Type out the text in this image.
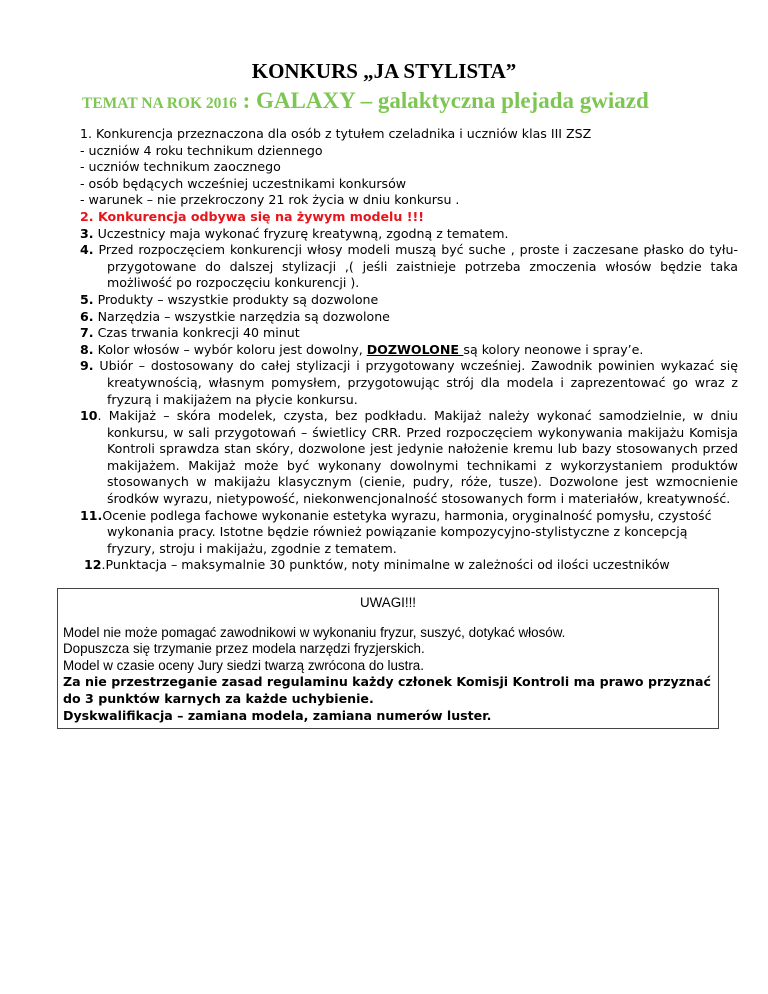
KONKURS „JA STYLISTA”
TEMAT NA ROK 2016 : GALAXY – galaktyczna plejada gwiazd
1. Konkurencja przeznaczona dla osób z tytułem czeladnika i uczniów klas III ZSZ
- uczniów 4 roku technikum dziennego
- uczniów technikum zaocznego
- osób będących wcześniej uczestnikami konkursów
- warunek – nie przekroczony 21 rok życia w dniu konkursu .
2. Konkurencja odbywa się na żywym modelu !!!
3. Uczestnicy maja wykonać fryzurę kreatywną, zgodną z tematem.
4. Przed rozpoczęciem konkurencji włosy modeli muszą być suche , proste i zaczesane płasko do tyłu- przygotowane do dalszej stylizacji ,( jeśli zaistnieje potrzeba zmoczenia włosów będzie taka możliwość po rozpoczęciu konkurencji ).
5. Produkty – wszystkie produkty są dozwolone
6. Narzędzia – wszystkie narzędzia są dozwolone
7. Czas trwania konkrecji 40 minut
8. Kolor włosów – wybór koloru jest dowolny, DOZWOLONE są kolory neonowe i spray’e.
9. Ubiór – dostosowany do całej stylizacji i przygotowany wcześniej. Zawodnik powinien wykazać się kreatywnością, własnym pomysłem, przygotowując strój dla modela i zaprezentować go wraz z fryzurą i makijażem na płycie konkursu.
10. Makijaż – skóra modelek, czysta, bez podkładu. Makijaż należy wykonać samodzielnie, w dniu konkursu, w sali przygotowań – świetlicy CRR. Przed rozpoczęciem wykonywania makijażu Komisja Kontroli sprawdza stan skóry, dozwolone jest jedynie nałożenie kremu lub bazy stosowanych przed makijażem. Makijaż może być wykonany dowolnymi technikami z wykorzystaniem produktów stosowanych w makijażu klasycznym (cienie, pudry, róże, tusze). Dozwolone jest wzmocnienie środków wyrazu, nietypowość, niekonwencjonalność stosowanych form i materiałów, kreatywność.
11.Ocenie podlega fachowe wykonanie estetyka wyrazu, harmonia, oryginalność pomysłu, czystość wykonania pracy. Istotne będzie również powiązanie kompozycyjno-stylistyczne z koncepcją fryzury, stroju i makijażu, zgodnie z tematem.
12.Punktacja – maksymalnie 30 punktów, noty minimalne w zależności od ilości uczestników
UWAGI!!!
Model nie może pomagać zawodnikowi w wykonaniu fryzur, suszyć, dotykać włosów.
Dopuszcza się trzymanie przez modela narzędzi fryzjerskich.
Model w czasie oceny Jury siedzi twarzą zwrócona do lustra.
Za nie przestrzeganie zasad regulaminu każdy członek Komisji Kontroli ma prawo przyznać do 3 punktów karnych za każde uchybienie.
Dyskwalifikacja – zamiana modela, zamiana numerów luster.
